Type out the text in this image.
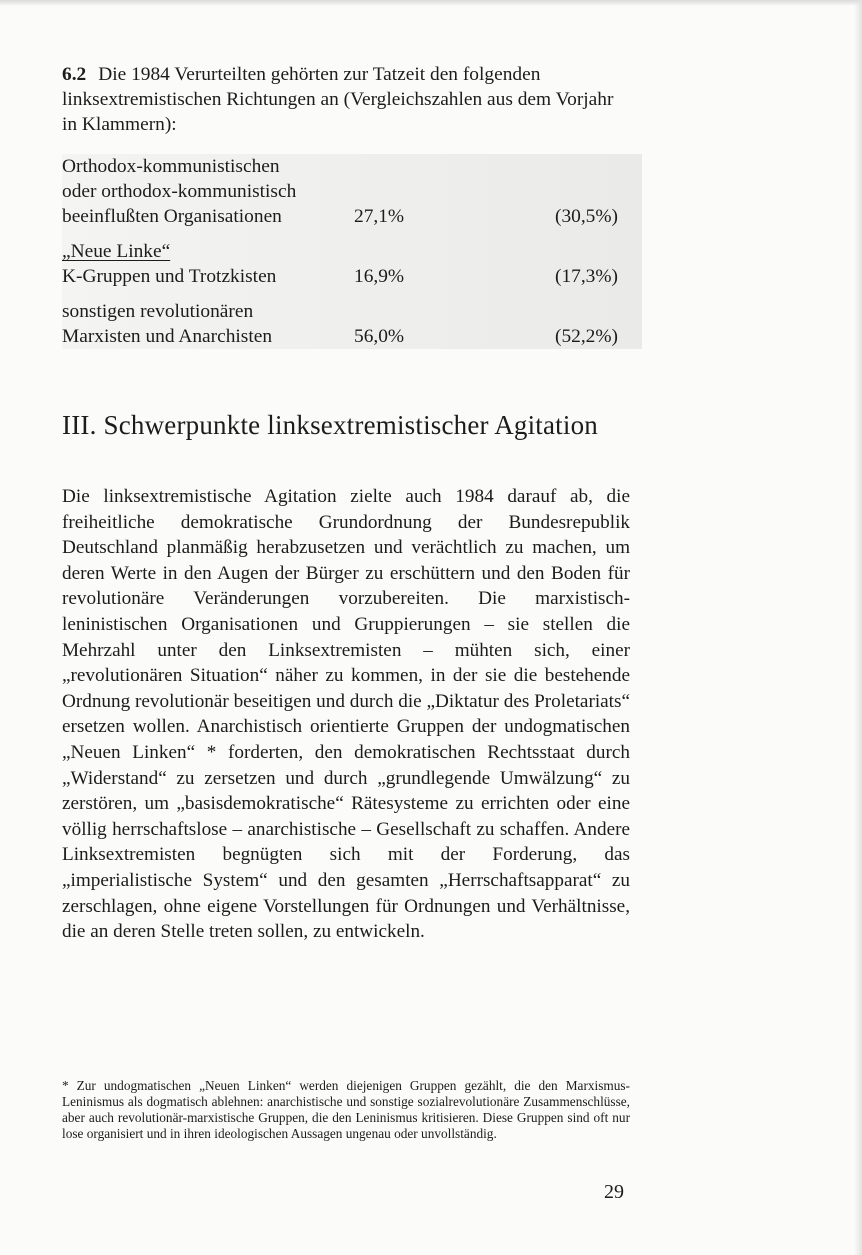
6.2 Die 1984 Verurteilten gehörten zur Tatzeit den folgenden linksextremistischen Richtungen an (Vergleichszahlen aus dem Vorjahr in Klammern):

Orthodox-kommunistischen
oder orthodox-kommunistisch
beeinflußten Organisationen	27,1%	(30,5%)
„Neue Linke“
K-Gruppen und Trotzkisten	16,9%	(17,3%)
sonstigen revolutionären
Marxisten und Anarchisten	56,0%	(52,2%)
III. Schwerpunkte linksextremistischer Agitation

Die linksextremistische Agitation zielte auch 1984 darauf ab, die freiheitliche demokratische Grundordnung der Bundesrepublik Deutschland planmäßig herabzusetzen und verächtlich zu machen, um deren Werte in den Augen der Bürger zu erschüttern und den Boden für revolutionäre Veränderungen vorzubereiten. Die marxistisch-leninistischen Organisationen und Gruppierungen – sie stellen die Mehrzahl unter den Linksextremisten – mühten sich, einer „revolutionären Situation“ näher zu kommen, in der sie die bestehende Ordnung revolutionär beseitigen und durch die „Diktatur des Proletariats“ ersetzen wollen. Anarchistisch orientierte Gruppen der undogmatischen „Neuen Linken“ * forderten, den demokratischen Rechtsstaat durch „Widerstand“ zu zersetzen und durch „grundlegende Umwälzung“ zu zerstören, um „basisdemokratische“ Rätesysteme zu errichten oder eine völlig herrschaftslose – anarchistische – Gesellschaft zu schaffen. Andere Linksextremisten begnügten sich mit der Forderung, das „imperialistische System“ und den gesamten „Herrschaftsapparat“ zu zerschlagen, ohne eigene Vorstellungen für Ordnungen und Verhältnisse, die an deren Stelle treten sollen, zu entwickeln.

* Zur undogmatischen „Neuen Linken“ werden diejenigen Gruppen gezählt, die den Marxismus-Leninismus als dogmatisch ablehnen: anarchistische und sonstige sozialrevolutionäre Zusammenschlüsse, aber auch revolutionär-marxistische Gruppen, die den Leninismus kritisieren. Diese Gruppen sind oft nur lose organisiert und in ihren ideologischen Aussagen ungenau oder unvollständig.

29
